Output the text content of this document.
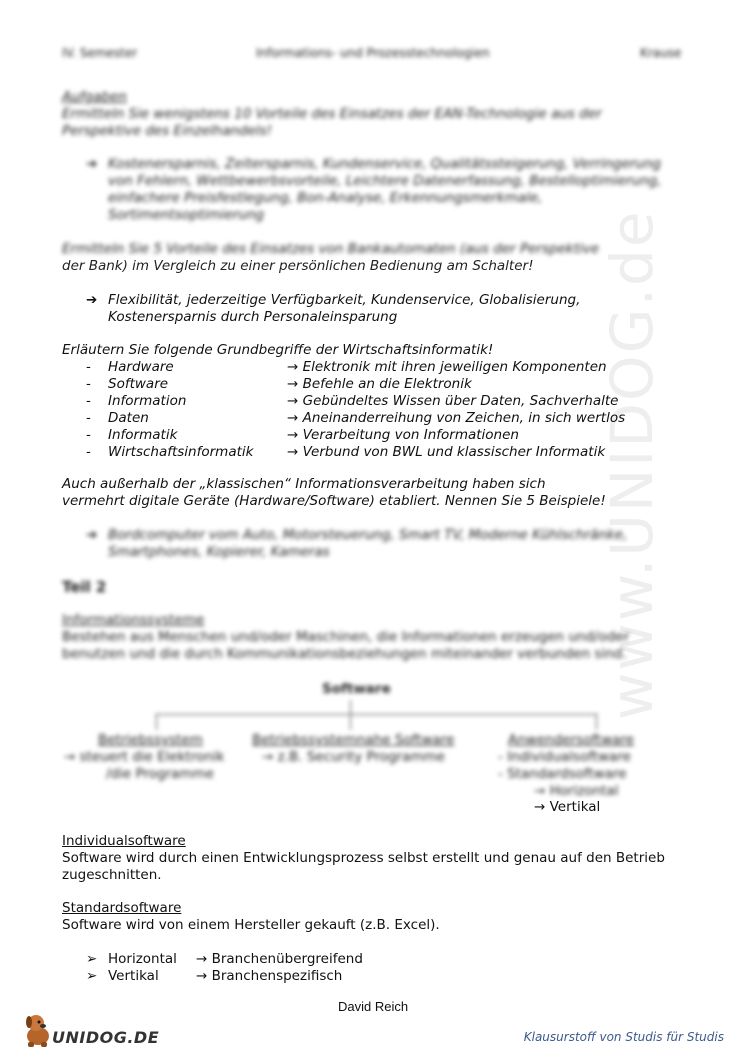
www.UNIDOG.de
IV. Semester	Informations- und Prozesstechnologien	Krause
Aufgaben
Ermitteln Sie wenigstens 10 Vorteile des Einsatzes der EAN-Technologie aus der
Perspektive des Einzelhandels!
➔ Kostenersparnis, Zeitersparnis, Kundenservice, Qualitätssteigerung, Verringerung
von Fehlern, Wettbewerbsvorteile, Leichtere Datenerfassung, Bestelloptimierung,
einfachere Preisfestlegung, Bon-Analyse, Erkennungsmerkmale,
Sortimentsoptimierung
Ermitteln Sie 5 Vorteile des Einsatzes von Bankautomaten (aus der Perspektive
der Bank) im Vergleich zu einer persönlichen Bedienung am Schalter!
➔ Flexibilität, jederzeitige Verfügbarkeit, Kundenservice, Globalisierung,
Kostenersparnis durch Personaleinsparung
Erläutern Sie folgende Grundbegriffe der Wirtschaftsinformatik!
- Hardware	→ Elektronik mit ihren jeweiligen Komponenten
- Software	→ Befehle an die Elektronik
- Information	→ Gebündeltes Wissen über Daten, Sachverhalte
- Daten	→ Aneinanderreihung von Zeichen, in sich wertlos
- Informatik	→ Verarbeitung von Informationen
- Wirtschaftsinformatik → Verbund von BWL und klassischer Informatik
Auch außerhalb der „klassischen“ Informationsverarbeitung haben sich
vermehrt digitale Geräte (Hardware/Software) etabliert. Nennen Sie 5 Beispiele!
➔ Bordcomputer vom Auto, Motorsteuerung, Smart TV, Moderne Kühlschränke,
Smartphones, Kopierer, Kameras
Teil 2
Informationssysteme
Bestehen aus Menschen und/oder Maschinen, die Informationen erzeugen und/oder
benutzen und die durch Kommunikationsbeziehungen miteinander verbunden sind.
Software
Betriebssystem
→ steuert die Elektronik
/die Programme
Betriebssystemnahe Software
→ z.B. Security Programme
Anwendersoftware
- Individualsoftware
- Standardsoftware
→ Horizontal
→ Vertikal
Individualsoftware
Software wird durch einen Entwicklungsprozess selbst erstellt und genau auf den Betrieb
zugeschnitten.
Standardsoftware
Software wird von einem Hersteller gekauft (z.B. Excel).
➢ Horizontal → Branchenübergreifend
➢ Vertikal	→ Branchenspezifisch
David Reich
UNIDOG.DE	Klausurstoff von Studis für Studis
